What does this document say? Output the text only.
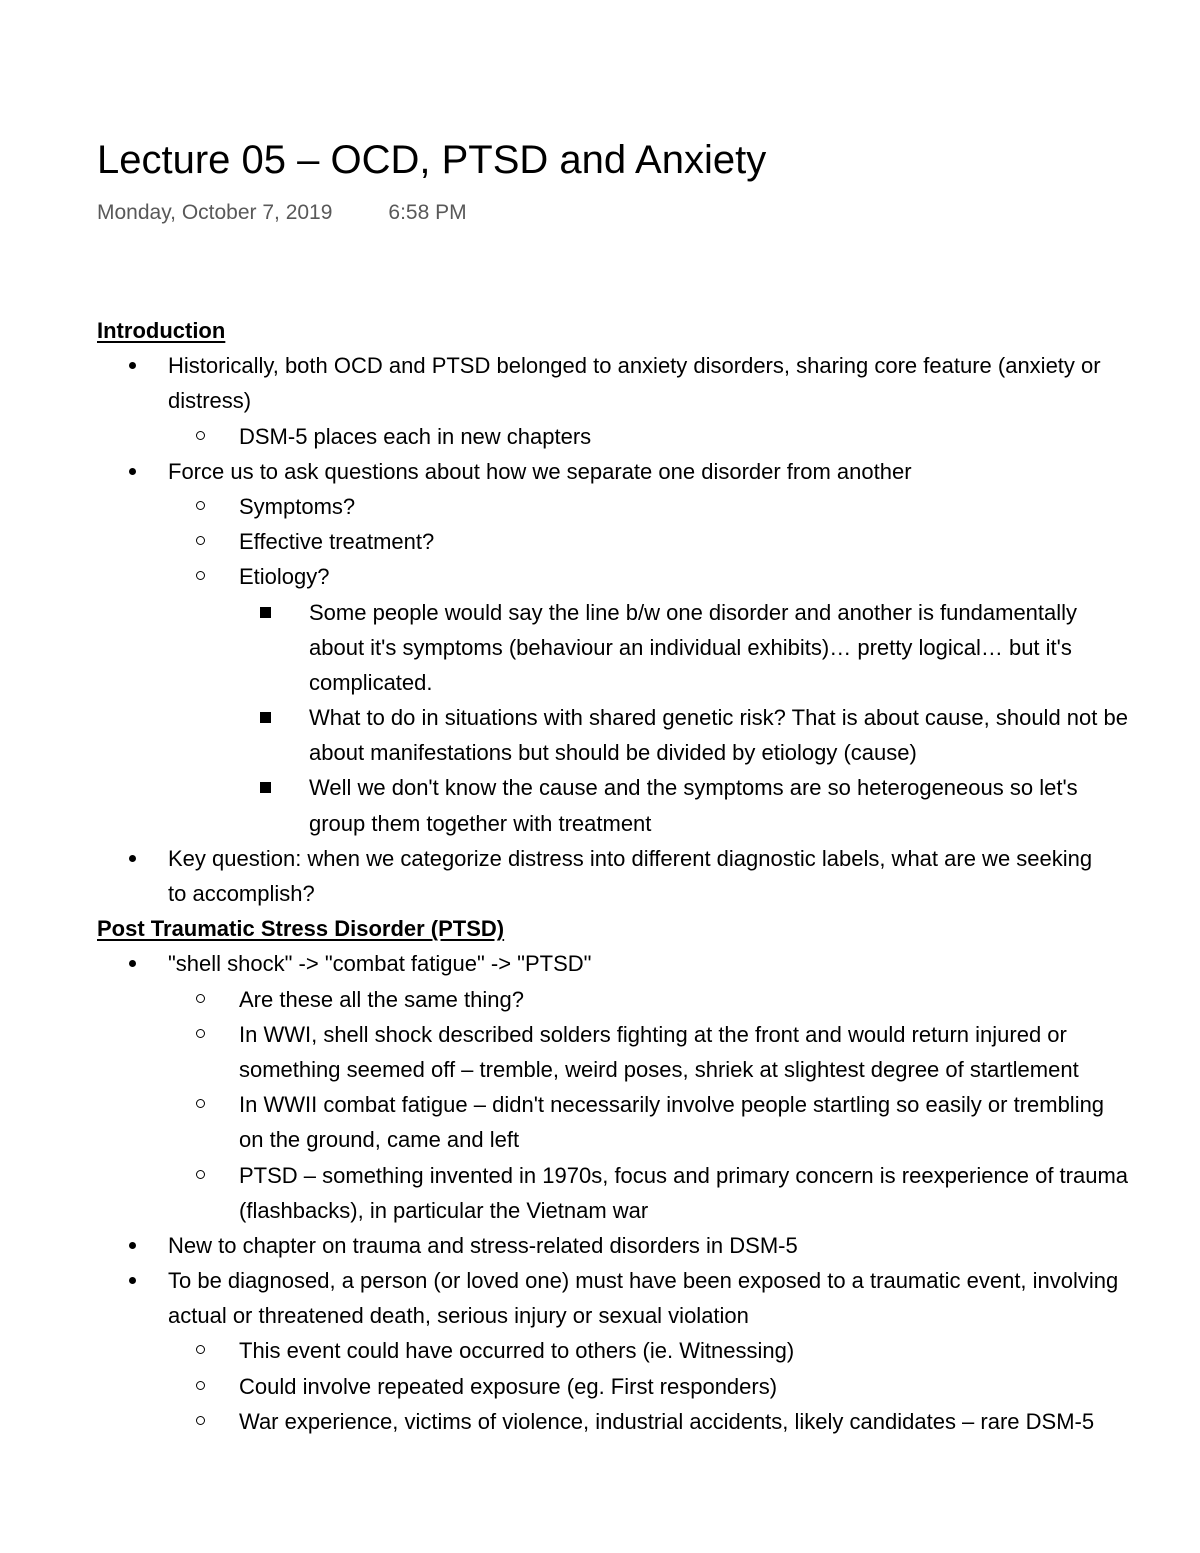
Lecture 05 – OCD, PTSD and Anxiety
Monday, October 7, 2019	6:58 PM
Introduction
Historically, both OCD and PTSD belonged to anxiety disorders, sharing core feature (anxiety or
distress)
DSM-5 places each in new chapters
Force us to ask questions about how we separate one disorder from another
Symptoms?
Effective treatment?
Etiology?
Some people would say the line b/w one disorder and another is fundamentally
about it's symptoms (behaviour an individual exhibits)… pretty logical… but it's
complicated.
What to do in situations with shared genetic risk? That is about cause, should not be
about manifestations but should be divided by etiology (cause)
Well we don't know the cause and the symptoms are so heterogeneous so let's
group them together with treatment
Key question: when we categorize distress into different diagnostic labels, what are we seeking
to accomplish?
Post Traumatic Stress Disorder (PTSD)
"shell shock" -> "combat fatigue" -> "PTSD"
Are these all the same thing?
In WWI, shell shock described solders fighting at the front and would return injured or
something seemed off – tremble, weird poses, shriek at slightest degree of startlement
In WWII combat fatigue – didn't necessarily involve people startling so easily or trembling
on the ground, came and left
PTSD – something invented in 1970s, focus and primary concern is reexperience of trauma
(flashbacks), in particular the Vietnam war
New to chapter on trauma and stress-related disorders in DSM-5
To be diagnosed, a person (or loved one) must have been exposed to a traumatic event, involving
actual or threatened death, serious injury or sexual violation
This event could have occurred to others (ie. Witnessing)
Could involve repeated exposure (eg. First responders)
War experience, victims of violence, industrial accidents, likely candidates – rare DSM-5
